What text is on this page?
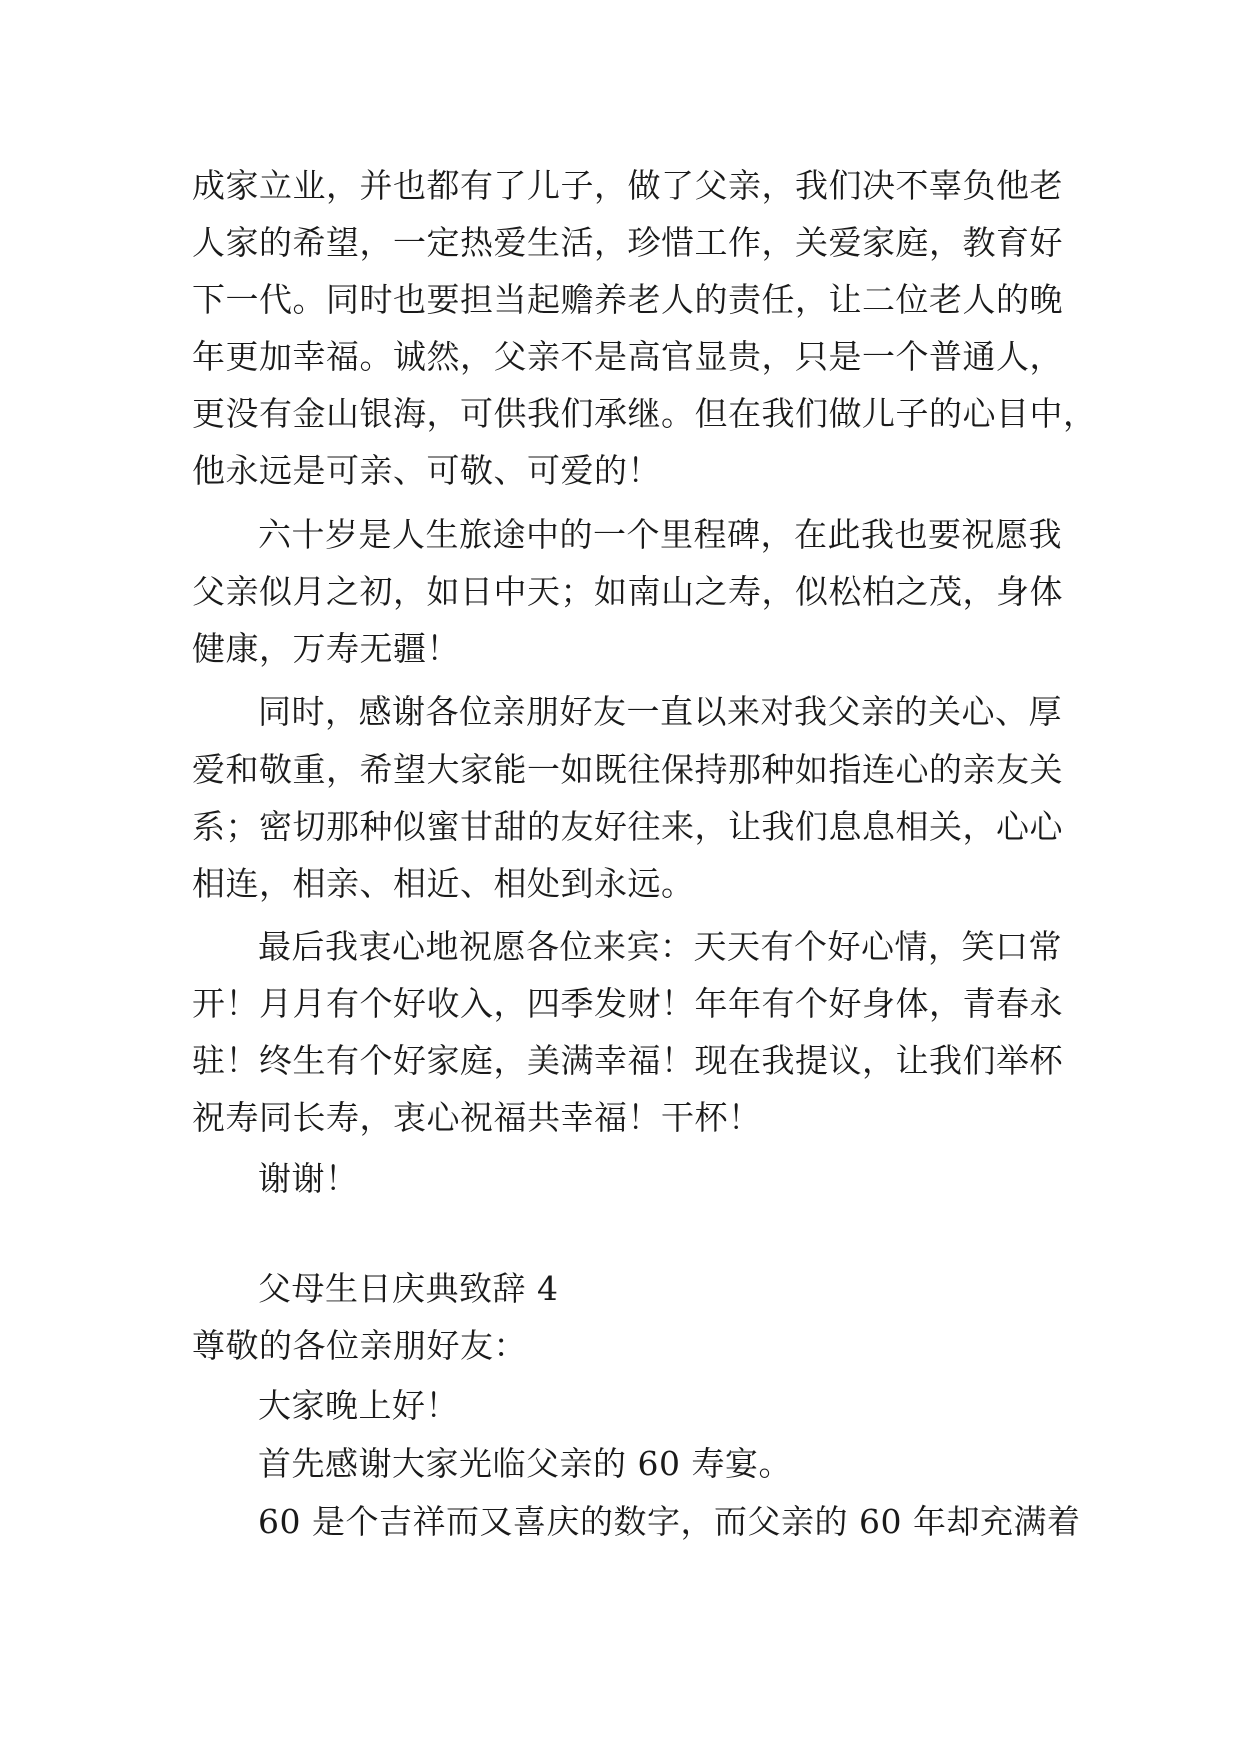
成家立业，并也都有了儿子，做了父亲，我们决不辜负他老
人家的希望，一定热爱生活，珍惜工作，关爱家庭，教育好
下一代。同时也要担当起赡养老人的责任，让二位老人的晚
年更加幸福。诚然，父亲不是高官显贵，只是一个普通人，
更没有金山银海，可供我们承继。但在我们做儿子的心目中，
他永远是可亲、可敬、可爱的！
六十岁是人生旅途中的一个里程碑，在此我也要祝愿我
父亲似月之初，如日中天；如南山之寿，似松柏之茂，身体
健康，万寿无疆！
同时，感谢各位亲朋好友一直以来对我父亲的关心、厚
爱和敬重，希望大家能一如既往保持那种如指连心的亲友关
系；密切那种似蜜甘甜的友好往来，让我们息息相关，心心
相连，相亲、相近、相处到永远。
最后我衷心地祝愿各位来宾：天天有个好心情，笑口常
开！月月有个好收入，四季发财！年年有个好身体，青春永
驻！终生有个好家庭，美满幸福！现在我提议，让我们举杯
祝寿同长寿，衷心祝福共幸福！干杯！
谢谢！
父母生日庆典致辞 4
尊敬的各位亲朋好友：
大家晚上好！
首先感谢大家光临父亲的 60 寿宴。
60 是个吉祥而又喜庆的数字，而父亲的 60 年却充满着
